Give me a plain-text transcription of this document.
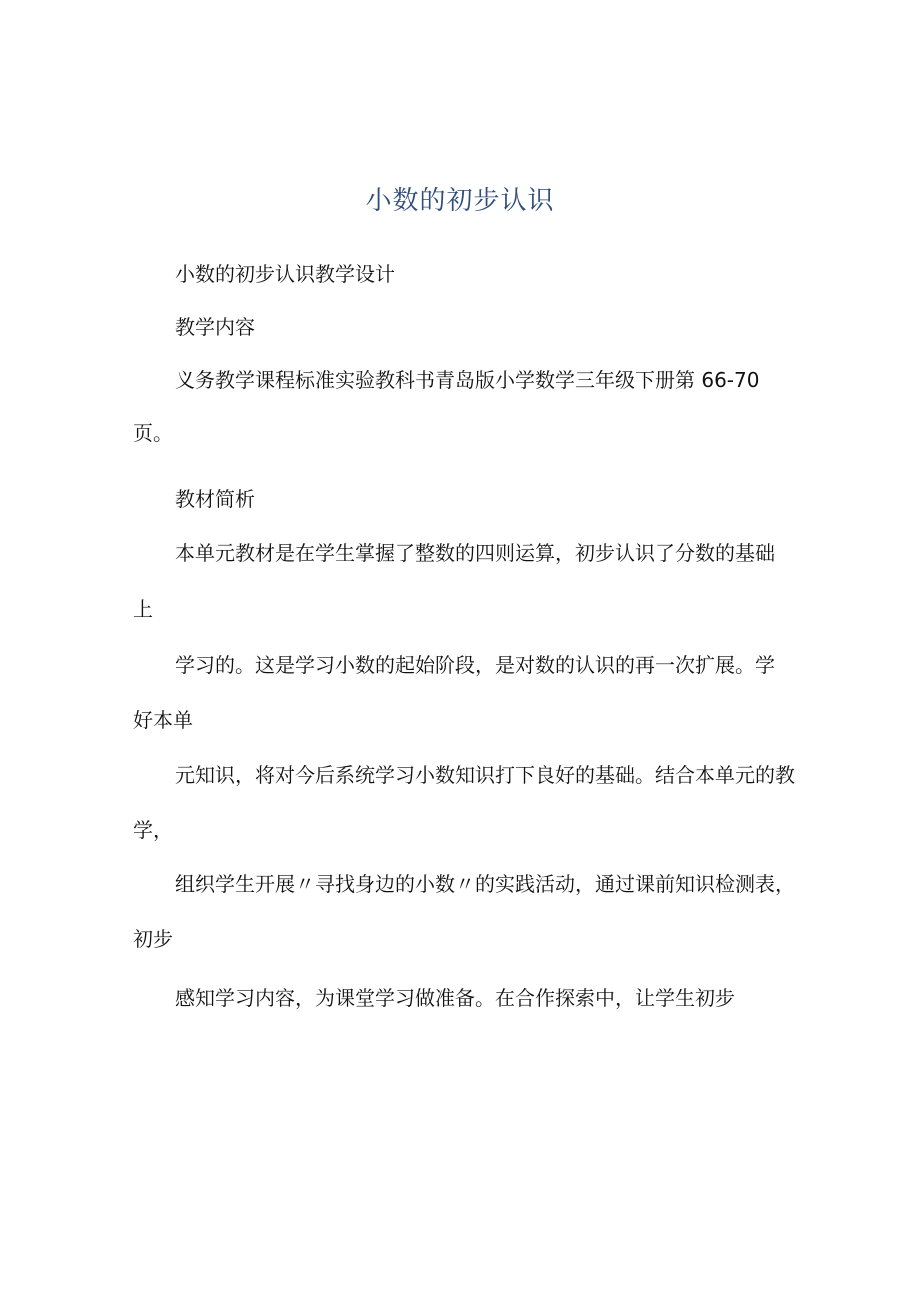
小数的初步认识
小数的初步认识教学设计
教学内容
义务教学课程标准实验教科书青岛版小学数学三年级下册第 66-70
页。
教材简析
本单元教材是在学生掌握了整数的四则运算，初步认识了分数的基础
上
学习的。这是学习小数的起始阶段，是对数的认识的再一次扩展。学
好本单
元知识，将对今后系统学习小数知识打下良好的基础。结合本单元的教
学，
组织学生开展〃寻找身边的小数〃的实践活动，通过课前知识检测表，
初步
感知学习内容，为课堂学习做准备。在合作探索中，让学生初步
